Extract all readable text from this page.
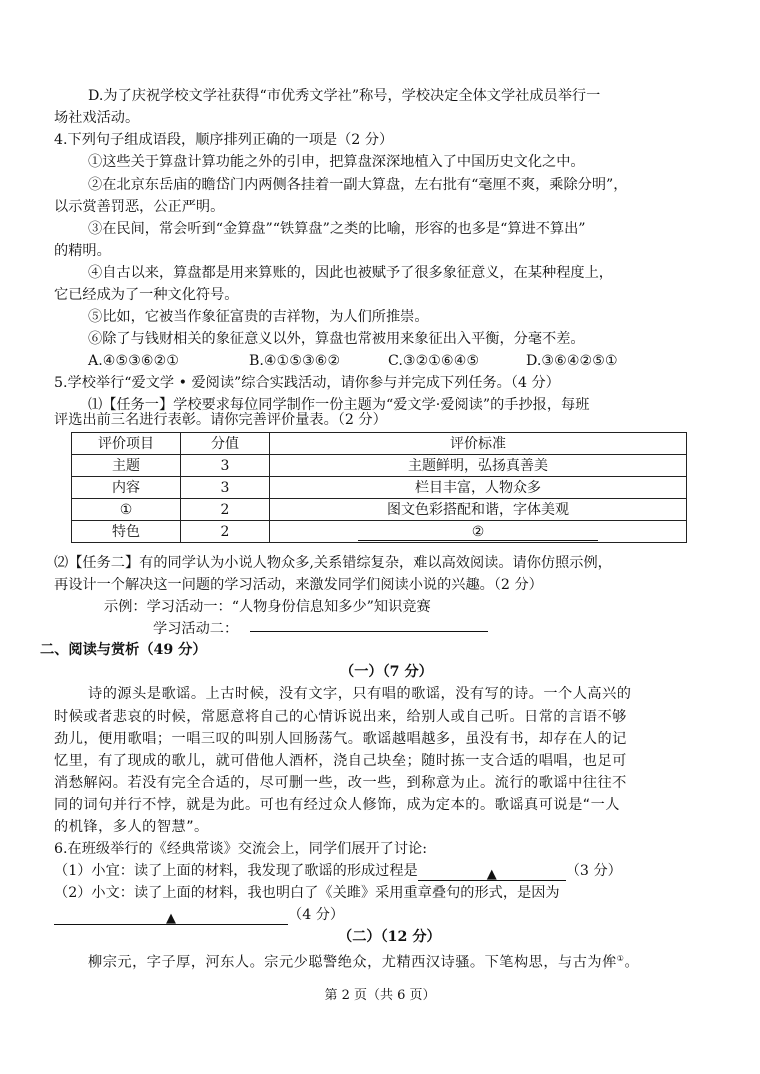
D.为了庆祝学校文学社获得“市优秀文学社”称号，学校决定全体文学社成员举行一
场社戏活动。
4.下列句子组成语段，顺序排列正确的一项是（2 分）
①这些关于算盘计算功能之外的引申，把算盘深深地植入了中国历史文化之中。
②在北京东岳庙的瞻岱门内两侧各挂着一副大算盘，左右批有“毫厘不爽，乘除分明”，
以示赏善罚恶，公正严明。
③在民间，常会听到“金算盘”“铁算盘”之类的比喻，形容的也多是“算进不算出”
的精明。
④自古以来，算盘都是用来算账的，因此也被赋予了很多象征意义，在某种程度上，
它已经成为了一种文化符号。
⑤比如，它被当作象征富贵的吉祥物，为人们所推崇。
⑥除了与钱财相关的象征意义以外，算盘也常被用来象征出入平衡，分毫不差。
A.④⑤③⑥②①	B.④①⑤③⑥②	C.③②①⑥④⑤	D.③⑥④②⑤①
5.学校举行“爱文学 • 爱阅读”综合实践活动，请你参与并完成下列任务。（4 分）
⑴【任务一】学校要求每位同学制作一份主题为“爱文学·爱阅读”的手抄报，每班
评选出前三名进行表彰。请你完善评价量表。（2 分）
评价项目	分值	评价标准
主题	3	主题鲜明，弘扬真善美
内容	3	栏目丰富，人物众多
①	2	图文色彩搭配和谐，字体美观
特色	2	②
⑵【任务二】有的同学认为小说人物众多,关系错综复杂，难以高效阅读。请你仿照示例，
再设计一个解决这一问题的学习活动，来激发同学们阅读小说的兴趣。（2 分）
示例：学习活动一：“人物身份信息知多少”知识竞赛
学习活动二：
二、阅读与赏析（49 分）
（一）（7 分）
诗的源头是歌谣。上古时候，没有文字，只有唱的歌谣，没有写的诗。一个人高兴的
时候或者悲哀的时候，常愿意将自己的心情诉说出来，给别人或自己听。日常的言语不够
劲儿，便用歌唱；一唱三叹的叫别人回肠荡气。歌谣越唱越多，虽没有书，却存在人的记
忆里，有了现成的歌儿，就可借他人酒杯，浇自己块垒；随时拣一支合适的唱唱，也足可
消愁解闷。若没有完全合适的，尽可删一些，改一些，到称意为止。流行的歌谣中往往不
同的词句并行不悖，就是为此。可也有经过众人修饰，成为定本的。歌谣真可说是“一人
的机锋，多人的智慧”。
6.在班级举行的《经典常谈》交流会上，同学们展开了讨论:
（1）小宜：读了上面的材料，我发现了歌谣的形成过程是	▲	（3 分）
（2）小文：读了上面的材料，我也明白了《关雎》采用重章叠句的形式，是因为
▲	（4 分）
（二）（12 分）
柳宗元，字子厚，河东人。宗元少聪警绝众，尤精西汉诗骚。下笔构思，与古为侔①。
第 2 页（共 6 页）
